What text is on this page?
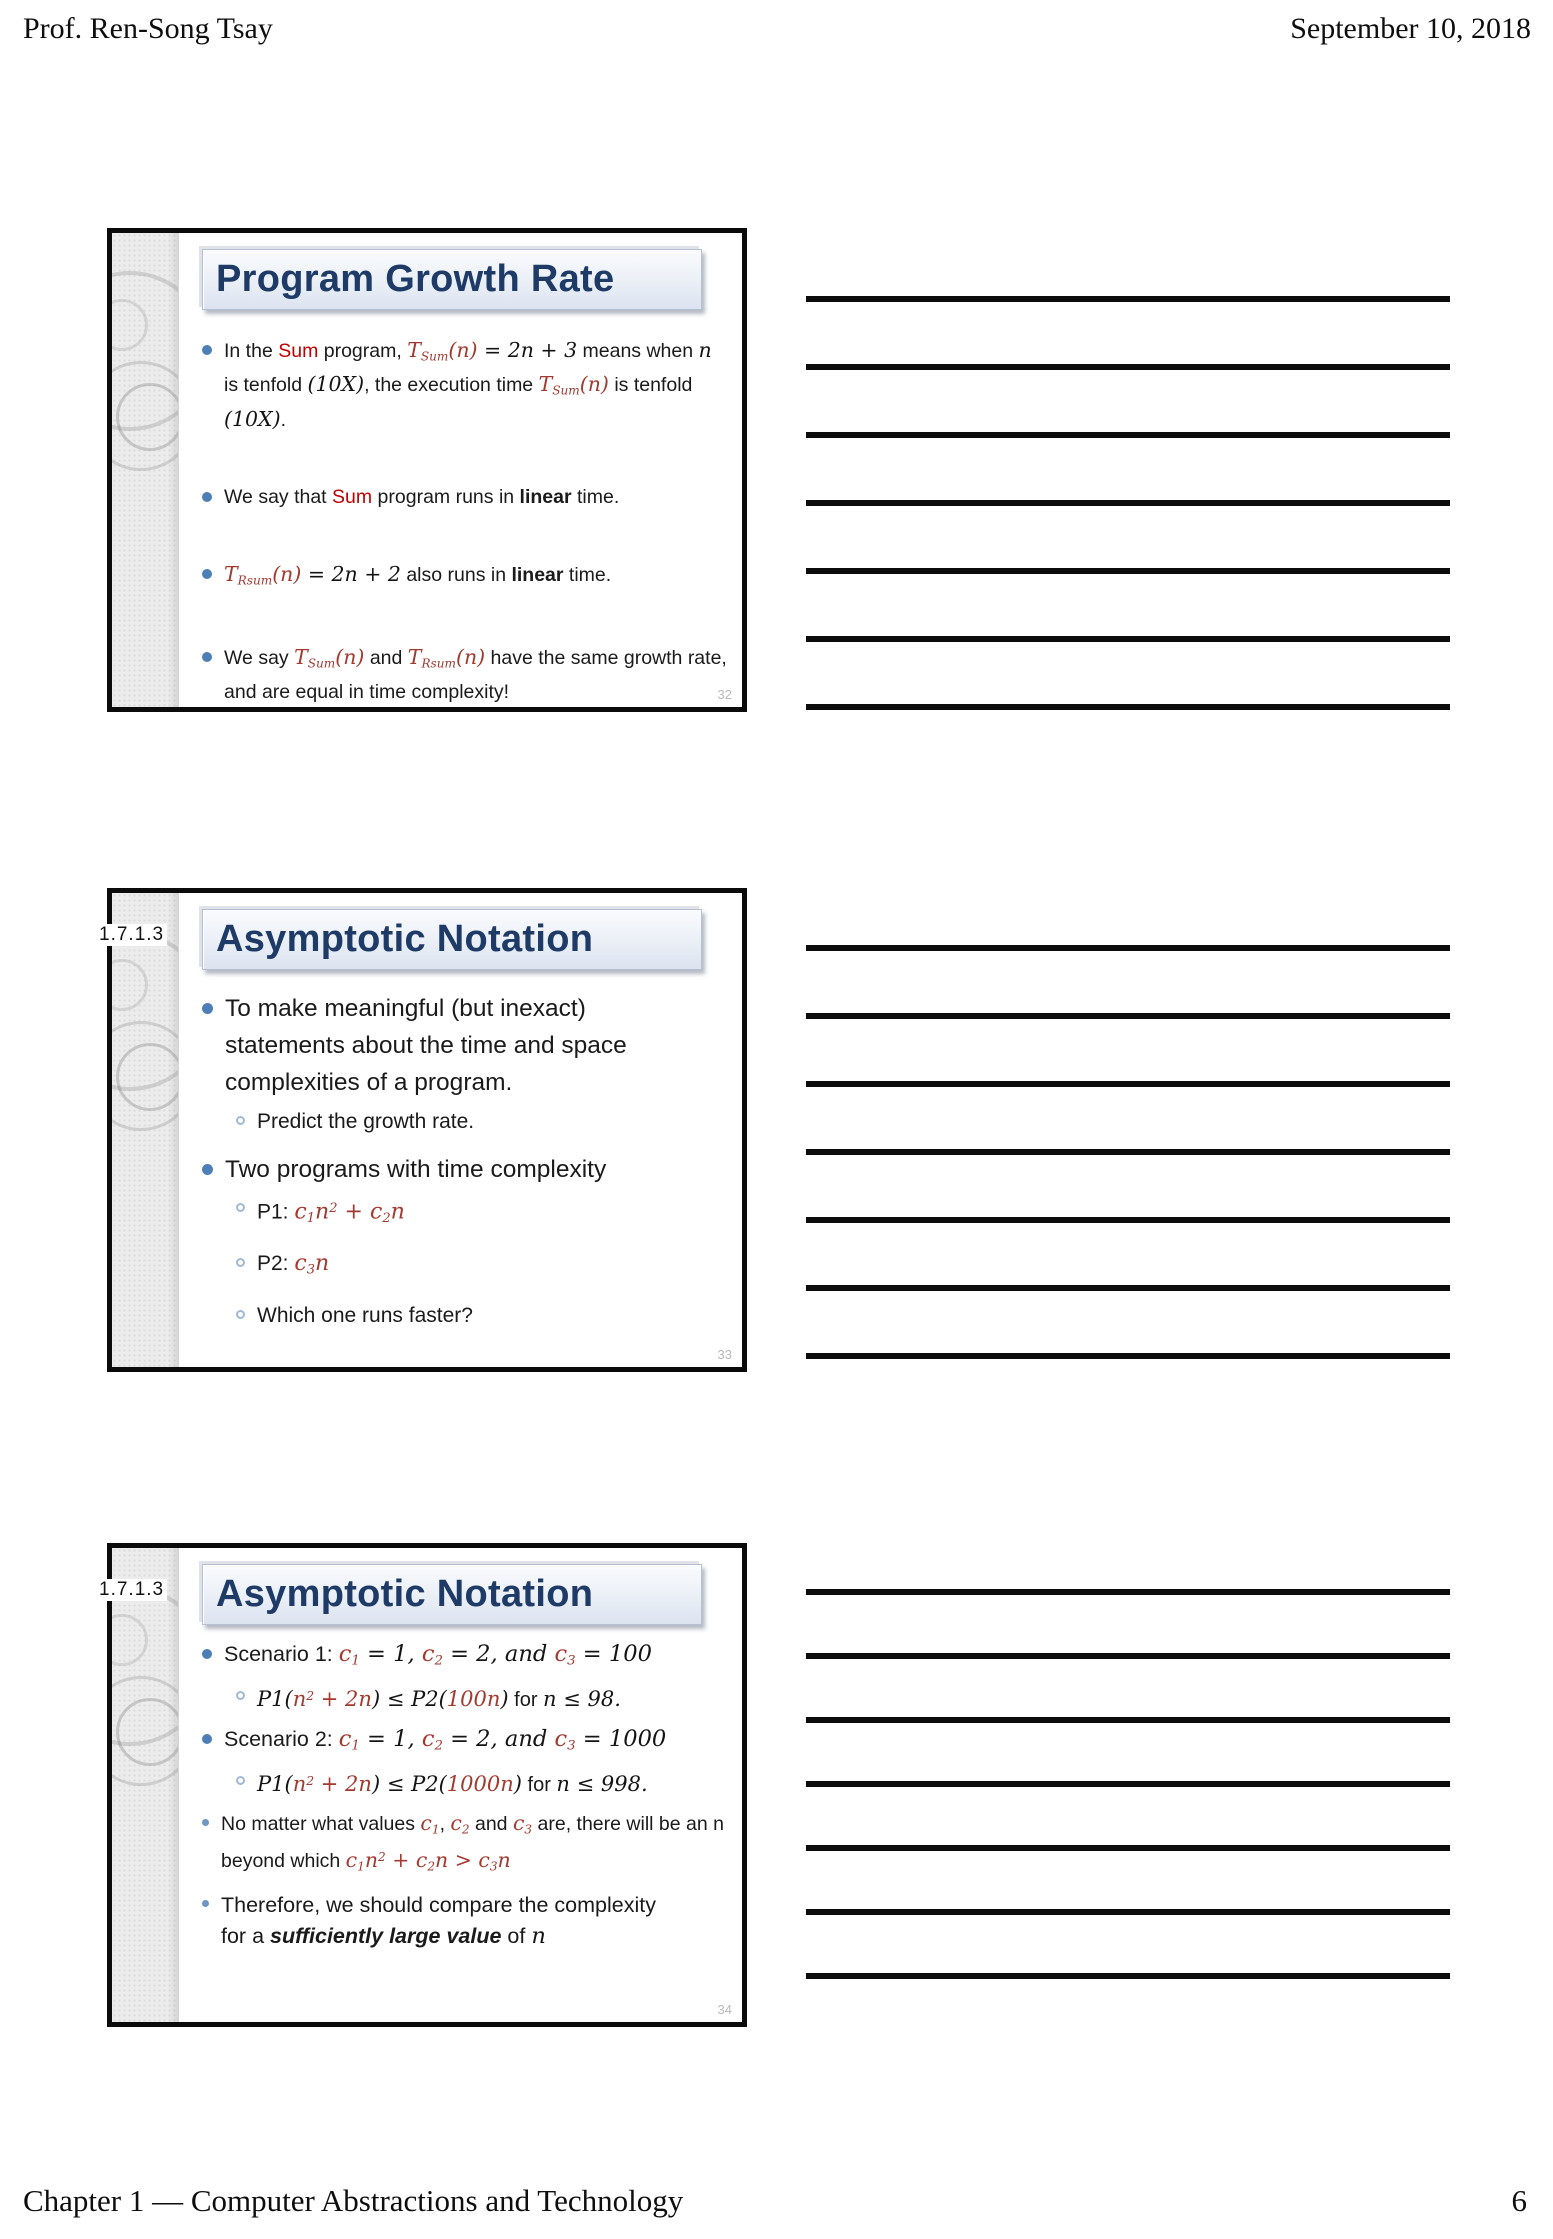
Prof. Ren-Song Tsay	September 10, 2018
Program Growth Rate
In the Sum program, $T_{Sum}(n) = 2n + 3$ means when n is tenfold (10X), the execution time $T_{Sum}(n)$ is tenfold (10X).
We say that Sum program runs in linear time.
$T_{Rsum}(n) = 2n + 2$ also runs in linear time.
We say $T_{Sum}(n)$ and $T_{Rsum}(n)$ have the same growth rate, and are equal in time complexity!	32
Asymptotic Notation
To make meaningful (but inexact) statements about the time and space complexities of a program.
Predict the growth rate.
Two programs with time complexity
P1: $c_1n^2 + c_2n$
P2: $c_3n$
Which one runs faster?
33
Asymptotic Notation
Scenario 1: $c_1 = 1$, $c_2 = 2$, and $c_3 = 100$
$P1(n^2 + 2n) \le P2(100n)$ for n ≤ 98.
Scenario 2: $c_1 = 1$, $c_2 = 2$, and $c_3 = 1000$
$P1(n^2 + 2n) \le P2(1000n)$ for n ≤ 998.
No matter what values $c_1$, $c_2$ and $c_3$ are, there will be an n beyond which $c_1n^2 + c_2n > c_3n$
Therefore, we should compare the complexity for a sufficiently large value of n
34
1.7.1.3
1.7.1.3
Chapter 1 — Computer Abstractions and Technology	6
